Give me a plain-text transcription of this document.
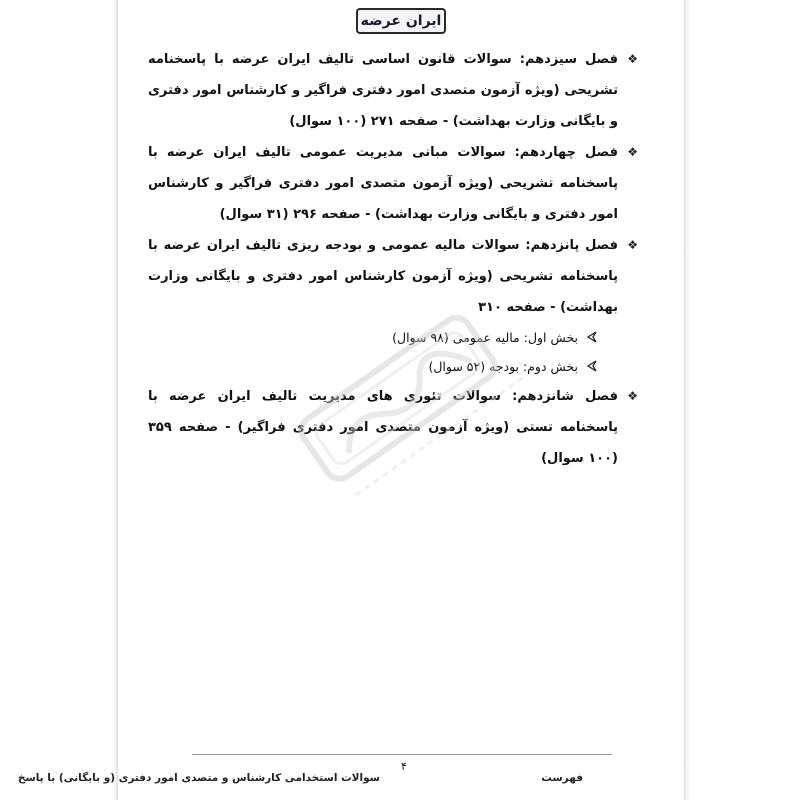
ایران عرضه
❖
فصل سیزدهم: سوالات قانون اساسی تالیف ایران عرضه با پاسخنامه تشریحی (ویژه آزمون متصدی امور دفتری فراگیر و کارشناس امور دفتری و بایگانی وزارت بهداشت) - صفحه ۲۷۱ (۱۰۰ سوال)
❖
فصل چهاردهم: سوالات مبانی مدیریت عمومی تالیف ایران عرضه با پاسخنامه تشریحی (ویژه آزمون متصدی امور دفتری فراگیر و کارشناس امور دفتری و بایگانی وزارت بهداشت) - صفحه ۲۹۶ (۳۱ سوال)
❖
فصل پانزدهم: سوالات مالیه عمومی و بودجه ریزی تالیف ایران عرضه با پاسخنامه تشریحی (ویژه آزمون کارشناس امور دفتری و بایگانی وزارت بهداشت) - صفحه ۳۱۰
بخش اول: مالیه عمومی (۹۸ سوال)
بخش دوم: بودجه (۵۲ سوال)
❖
فصل شانزدهم: سوالات تئوری های مدیریت تالیف ایران عرضه با پاسخنامه تستی (ویژه آزمون متصدی امور دفتری فراگیر) - صفحه ۳۵۹ (۱۰۰ سوال)
۴
فهرست
سوالات استخدامی کارشناس و متصدی امور دفتری (و بایگانی) با پاسخ
